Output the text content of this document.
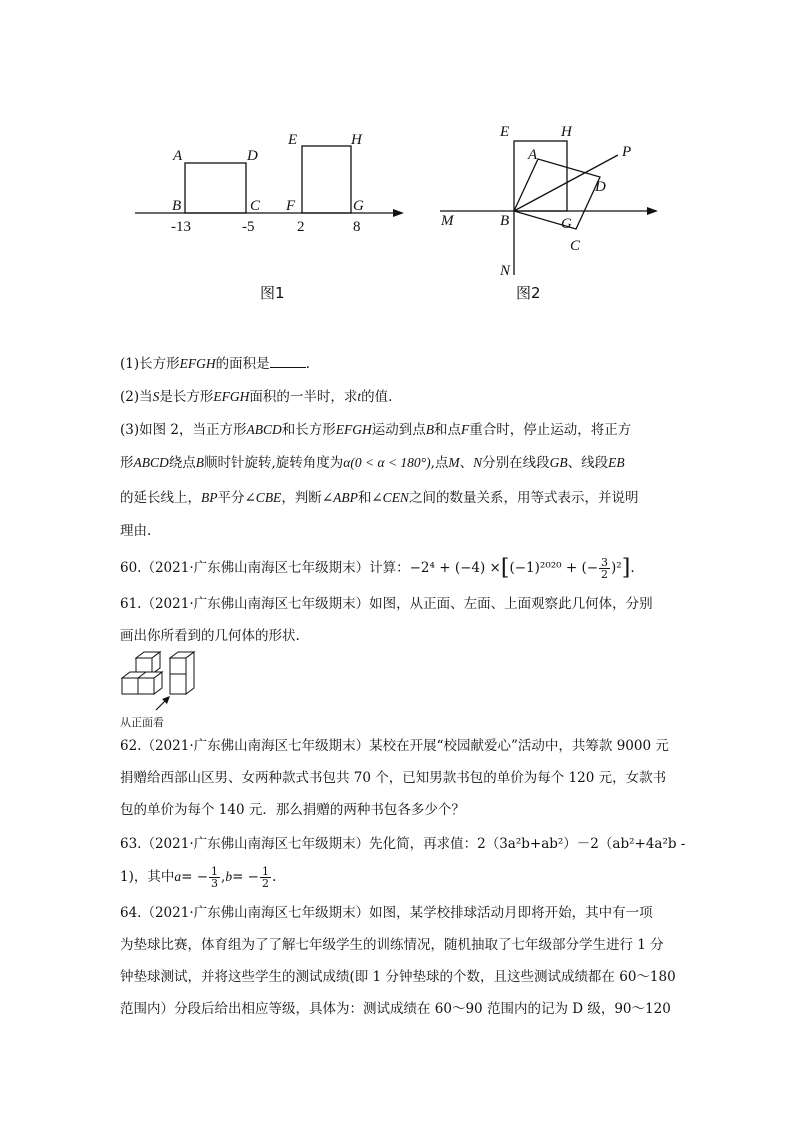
A	D
B	C
E	H
F	G
-13	-5	2	8
图1
E	H
A	P
D
M	B	G
C
N
图2
(1)长方形EFGH的面积是	.
(2)当S是长方形EFGH面积的一半时，求t的值.
(3)如图 2，当正方形ABCD和长方形EFGH运动到点B和点F重合时，停止运动，将正方
形ABCD绕点B顺时针旋转,旋转角度为α(0 < α < 180°),点M、N分别在线段GB、线段EB
的延长线上，BP平分∠CBE，判断∠ABP和∠CEN之间的数量关系，用等式表示，并说明
理由.
60.（2021·广东佛山南海区七年级期末）计算：−2⁴ + (−4) ×[(−1)²⁰²⁰ + (− $\frac{3}{2} )^2$].
61.（2021·广东佛山南海区七年级期末）如图，从正面、左面、上面观察此几何体，分别
画出你所看到的几何体的形状.
从正面看
62.（2021·广东佛山南海区七年级期末）某校在开展“校园献爱心”活动中，共筹款 9000 元
捐赠给西部山区男、女两种款式书包共 70 个，已知男款书包的单价为每个 120 元，女款书
包的单价为每个 140 元．那么捐赠的两种书包各多少个？
63.（2021·广东佛山南海区七年级期末）先化简，再求值：2（3a²b+ab²）－2（ab²+4a²b -
1)，其中$a= - \frac{1}{3} ,b= - \frac{1}{2}$ .
64.（2021·广东佛山南海区七年级期末）如图，某学校排球活动月即将开始，其中有一项
为垫球比赛，体育组为了了解七年级学生的训练情况，随机抽取了七年级部分学生进行 1 分
钟垫球测试，并将这些学生的测试成绩(即 1 分钟垫球的个数，且这些测试成绩都在 60～180
范围内）分段后给出相应等级，具体为：测试成绩在 60～90 范围内的记为 D 级，90～120
